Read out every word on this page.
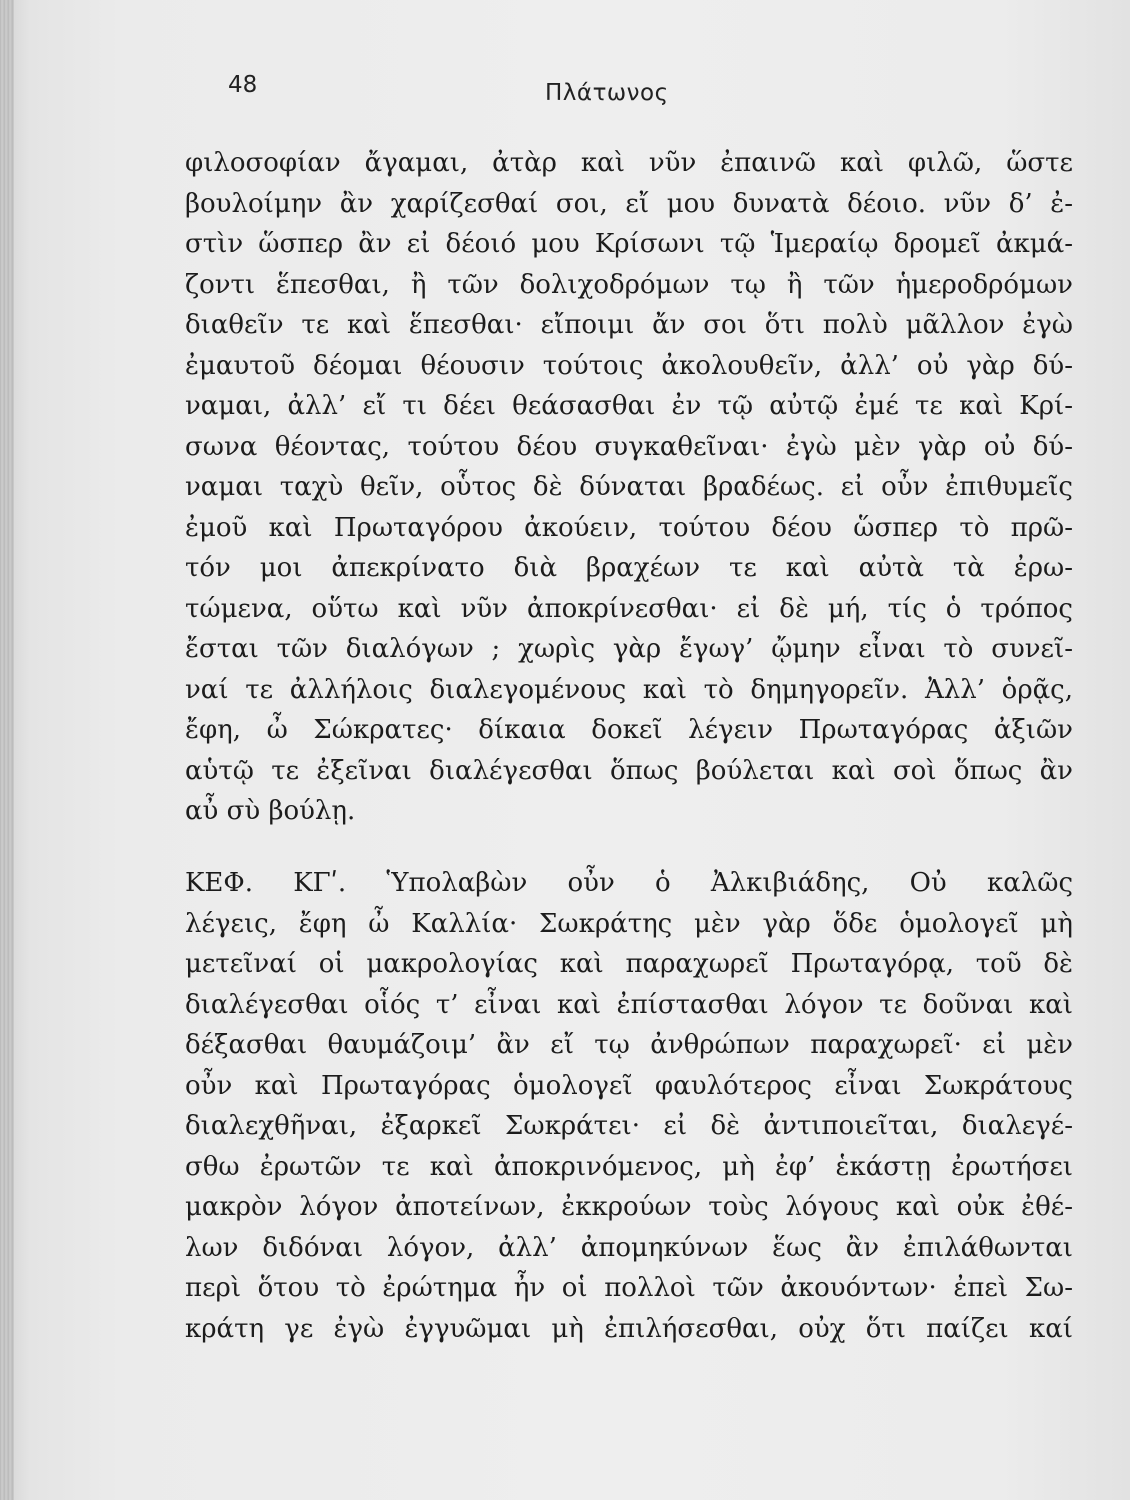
48	Πλάτωνος
φιλοσοφίαν ἄγαμαι, ἀτὰρ καὶ νῦν ἐπαινῶ καὶ φιλῶ, ὥστε
βουλοίμην ἂν χαρίζεσθαί σοι, εἴ μου δυνατὰ δέοιο. νῦν δ’ ἐ-
στὶν ὥσπερ ἂν εἰ δέοιό μου Κρίσωνι τῷ Ἱμεραίῳ δρομεῖ ἀκμά-
ζοντι ἕπεσθαι, ἢ τῶν δολιχοδρόμων τῳ ἢ τῶν ἡμεροδρόμων
διαθεῖν τε καὶ ἕπεσθαι· εἴποιμι ἄν σοι ὅτι πολὺ μᾶλλον ἐγὼ
ἐμαυτοῦ δέομαι θέουσιν τούτοις ἀκολουθεῖν, ἀλλ’ οὐ γὰρ δύ-
ναμαι, ἀλλ’ εἴ τι δέει θεάσασθαι ἐν τῷ αὐτῷ ἐμέ τε καὶ Κρί-
σωνα θέοντας, τούτου δέου συγκαθεῖναι· ἐγὼ μὲν γὰρ οὐ δύ-
ναμαι ταχὺ θεῖν, οὗτος δὲ δύναται βραδέως. εἰ οὖν ἐπιθυμεῖς
ἐμοῦ καὶ Πρωταγόρου ἀκούειν, τούτου δέου ὥσπερ τὸ πρῶ-
τόν μοι ἀπεκρίνατο διὰ βραχέων τε καὶ αὐτὰ τὰ ἐρω-
τώμενα, οὕτω καὶ νῦν ἀποκρίνεσθαι· εἰ δὲ μή, τίς ὁ τρόπος
ἔσται τῶν διαλόγων ; χωρὶς γὰρ ἔγωγ’ ᾤμην εἶναι τὸ συνεῖ-
ναί τε ἀλλήλοις διαλεγομένους καὶ τὸ δημηγορεῖν. Ἀλλ’ ὁρᾷς,
ἔφη, ὦ Σώκρατες· δίκαια δοκεῖ λέγειν Πρωταγόρας ἀξιῶν
αὑτῷ τε ἐξεῖναι διαλέγεσθαι ὅπως βούλεται καὶ σοὶ ὅπως ἂν
αὖ σὺ βούλῃ.
ΚΕΦ. ΚΓʹ. Ὑπολαβὼν οὖν ὁ Ἀλκιβιάδης, Οὐ καλῶς
λέγεις, ἔφη ὦ Καλλία· Σωκράτης μὲν γὰρ ὅδε ὁμολογεῖ μὴ
μετεῖναί οἱ μακρολογίας καὶ παραχωρεῖ Πρωταγόρᾳ, τοῦ δὲ
διαλέγεσθαι οἷός τ’ εἶναι καὶ ἐπίστασθαι λόγον τε δοῦναι καὶ
δέξασθαι θαυμάζοιμ’ ἂν εἴ τῳ ἀνθρώπων παραχωρεῖ· εἰ μὲν
οὖν καὶ Πρωταγόρας ὁμολογεῖ φαυλότερος εἶναι Σωκράτους
διαλεχθῆναι, ἐξαρκεῖ Σωκράτει· εἰ δὲ ἀντιποιεῖται, διαλεγέ-
σθω ἐρωτῶν τε καὶ ἀποκρινόμενος, μὴ ἐφ’ ἑκάστῃ ἐρωτήσει
μακρὸν λόγον ἀποτείνων, ἐκκρούων τοὺς λόγους καὶ οὐκ ἐθέ-
λων διδόναι λόγον, ἀλλ’ ἀπομηκύνων ἕως ἂν ἐπιλάθωνται
περὶ ὅτου τὸ ἐρώτημα ἦν οἱ πολλοὶ τῶν ἀκουόντων· ἐπεὶ Σω-
κράτη γε ἐγὼ ἐγγυῶμαι μὴ ἐπιλήσεσθαι, οὐχ ὅτι παίζει καί
